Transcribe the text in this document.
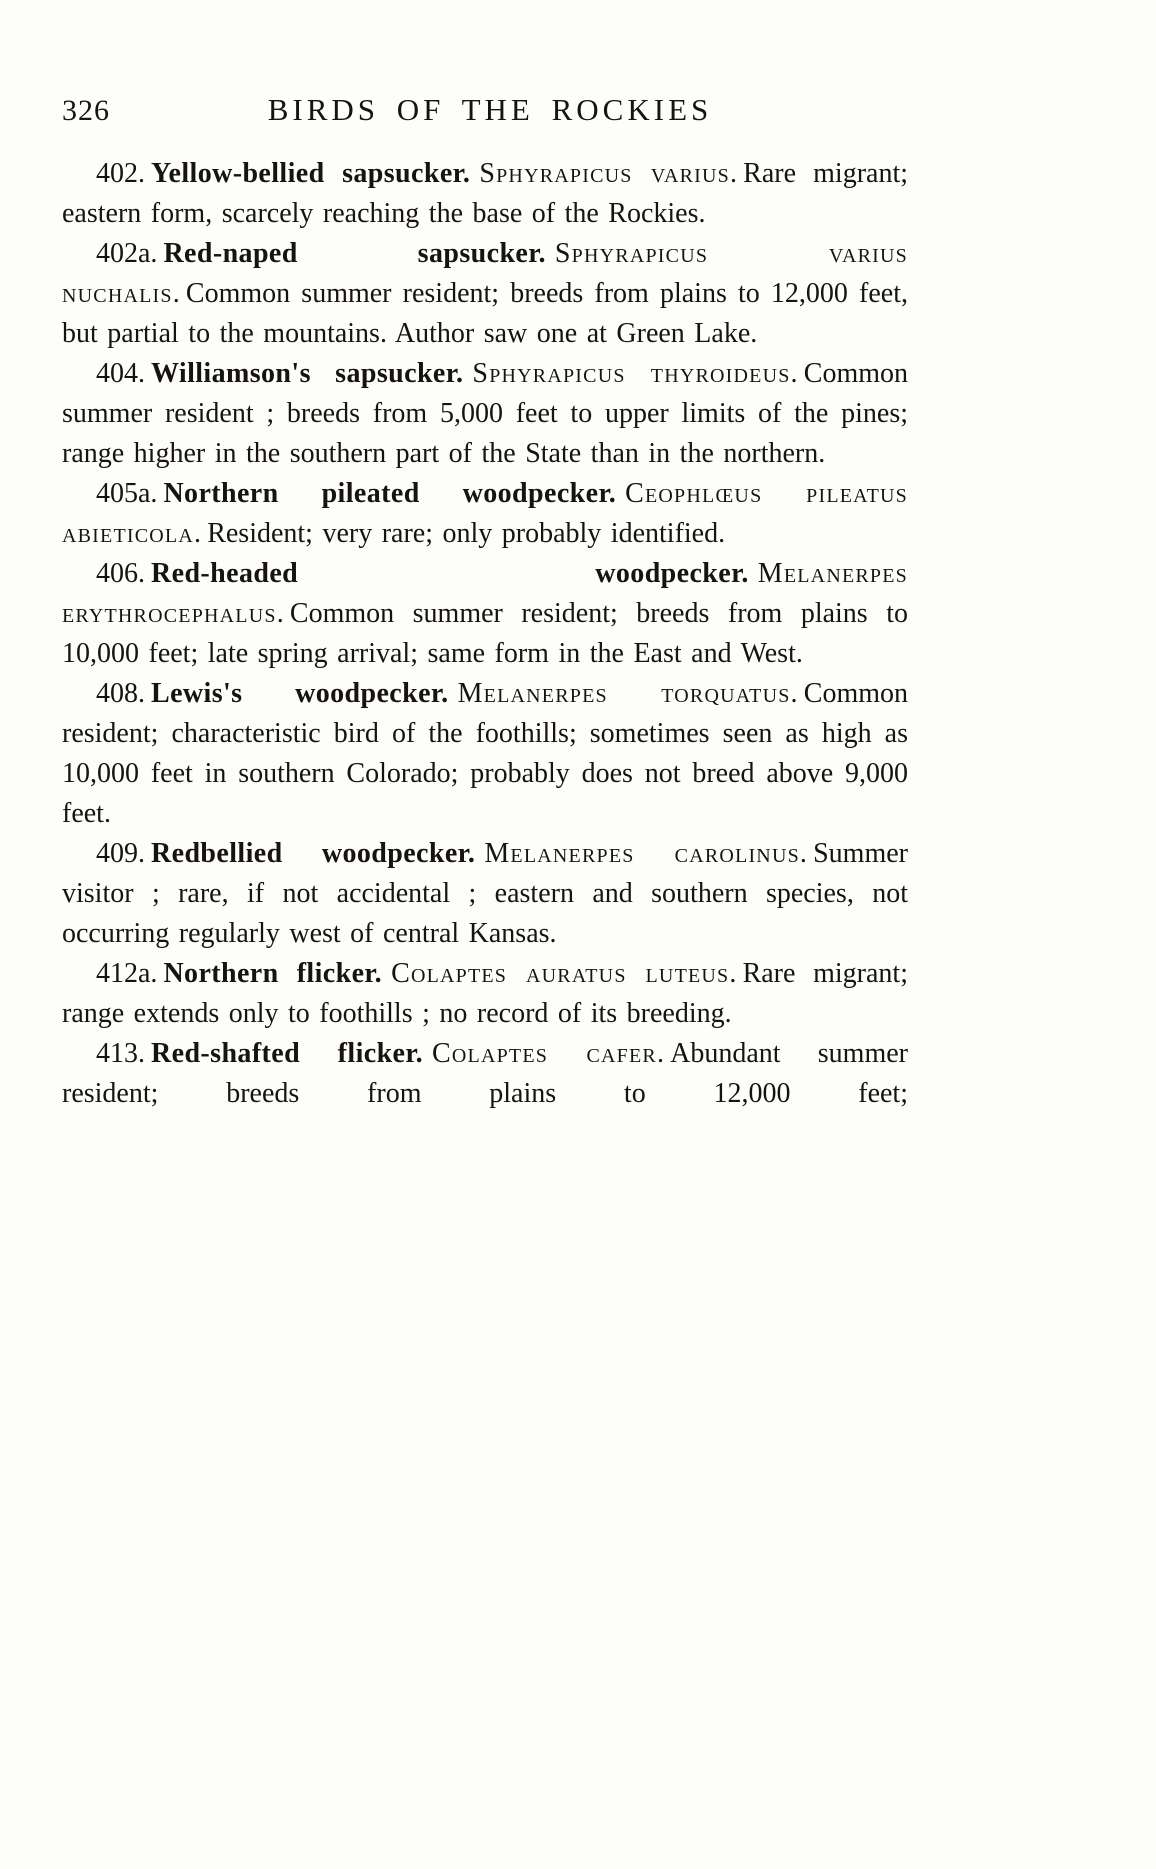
326	BIRDS OF THE ROCKIES

402. Yellow-bellied sapsucker. Sphyrapicus varius. Rare migrant; eastern form, scarcely reaching the base of the Rockies.

402a. Red-naped sapsucker. Sphyrapicus varius nuchalis. Common summer resident; breeds from plains to 12,000 feet, but partial to the mountains. Author saw one at Green Lake.

404. Williamson's sapsucker. Sphyrapicus thyroideus. Common summer resident ; breeds from 5,000 feet to upper limits of the pines; range higher in the southern part of the State than in the northern.

405a. Northern pileated woodpecker. Ceophlœus pileatus abieticola. Resident; very rare; only probably identified.

406. Red-headed woodpecker. Melanerpes erythrocephalus. Common summer resident; breeds from plains to 10,000 feet; late spring arrival; same form in the East and West.

408. Lewis's woodpecker. Melanerpes torquatus. Common resident; characteristic bird of the foothills; sometimes seen as high as 10,000 feet in southern Colorado; probably does not breed above 9,000 feet.

409. Redbellied woodpecker. Melanerpes carolinus. Summer visitor ; rare, if not accidental ; eastern and southern species, not occurring regularly west of central Kansas.

412a. Northern flicker. Colaptes auratus luteus. Rare migrant; range extends only to foothills ; no record of its breeding.

413. Red-shafted flicker. Colaptes cafer. Abundant summer resident; breeds from plains to 12,000 feet;
